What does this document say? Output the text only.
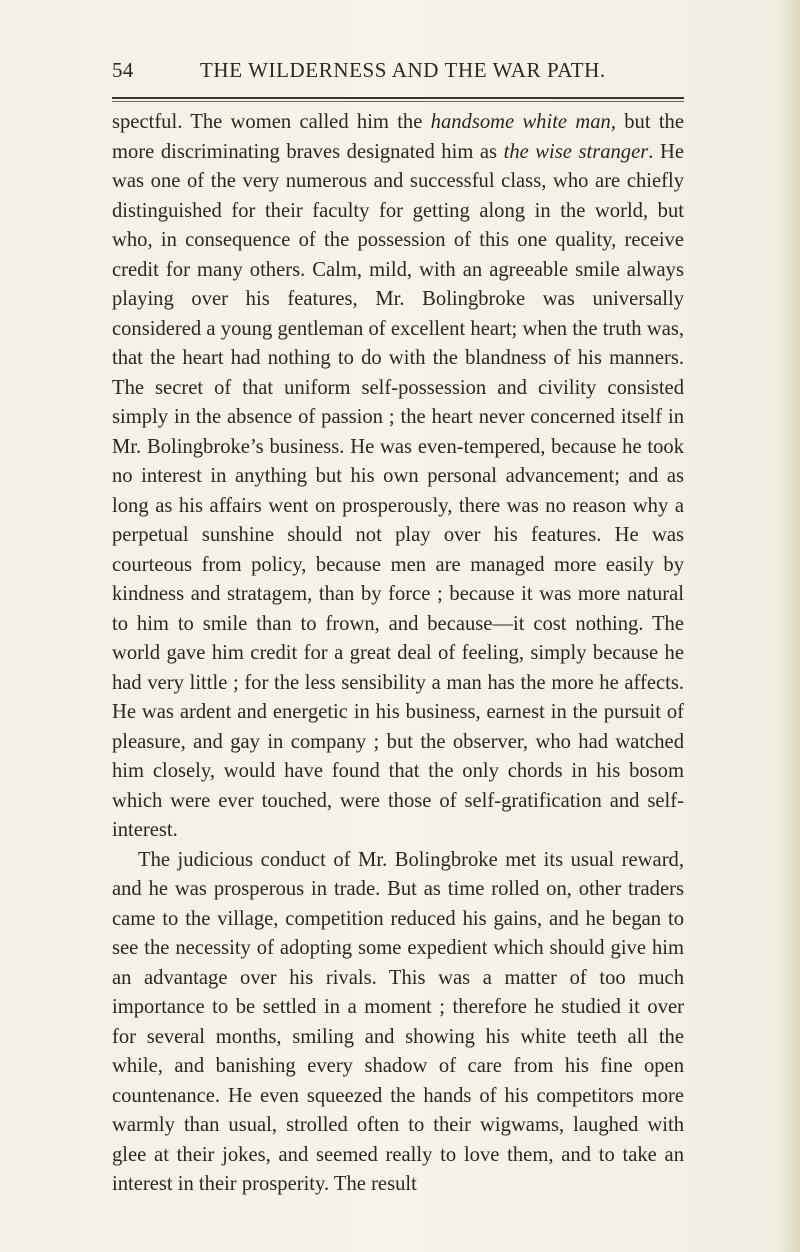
54	THE WILDERNESS AND THE WAR PATH.

spectful. The women called him the handsome white man, but the more discriminating braves designated him as the wise stranger. He was one of the very numerous and successful class, who are chiefly distinguished for their faculty for getting along in the world, but who, in consequence of the possession of this one quality, receive credit for many others. Calm, mild, with an agreeable smile always playing over his features, Mr. Bolingbroke was universally considered a young gentleman of excellent heart; when the truth was, that the heart had nothing to do with the blandness of his manners. The secret of that uniform self-possession and civility consisted simply in the absence of passion ; the heart never concerned itself in Mr. Bolingbroke’s business. He was even-tempered, because he took no interest in anything but his own personal advancement; and as long as his affairs went on prosperously, there was no reason why a perpetual sunshine should not play over his features. He was courteous from policy, because men are managed more easily by kindness and stratagem, than by force ; because it was more natural to him to smile than to frown, and because—it cost nothing. The world gave him credit for a great deal of feeling, simply because he had very little ; for the less sensibility a man has the more he affects. He was ardent and energetic in his business, earnest in the pursuit of pleasure, and gay in company ; but the observer, who had watched him closely, would have found that the only chords in his bosom which were ever touched, were those of self-gratification and self-interest.

The judicious conduct of Mr. Bolingbroke met its usual reward, and he was prosperous in trade. But as time rolled on, other traders came to the village, competition reduced his gains, and he began to see the necessity of adopting some expedient which should give him an advantage over his rivals. This was a matter of too much importance to be settled in a moment ; therefore he studied it over for several months, smiling and showing his white teeth all the while, and banishing every shadow of care from his fine open countenance. He even squeezed the hands of his competitors more warmly than usual, strolled often to their wigwams, laughed with glee at their jokes, and seemed really to love them, and to take an interest in their prosperity. The result
